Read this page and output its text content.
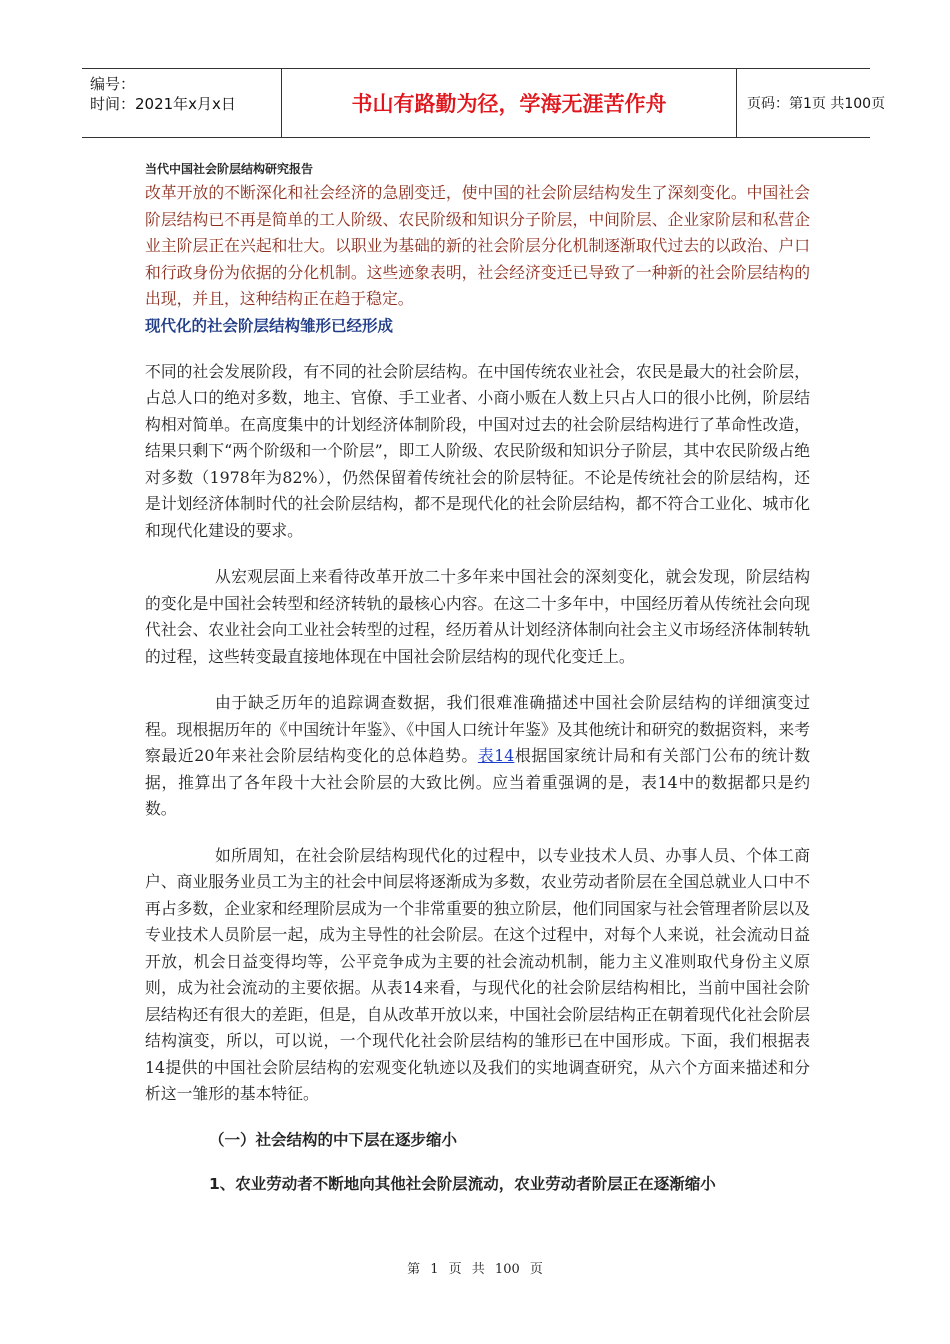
编号：
时间：2021年x月x日	书山有路勤为径，学海无涯苦作舟	页码：第1页 共100页
当代中国社会阶层结构研究报告

改革开放的不断深化和社会经济的急剧变迁，使中国的社会阶层结构发生了深刻变化。中国社会阶层结构已不再是简单的工人阶级、农民阶级和知识分子阶层，中间阶层、企业家阶层和私营企业主阶层正在兴起和壮大。以职业为基础的新的社会阶层分化机制逐渐取代过去的以政治、户口和行政身份为依据的分化机制。这些迹象表明，社会经济变迁已导致了一种新的社会阶层结构的出现，并且，这种结构正在趋于稳定。

现代化的社会阶层结构雏形已经形成

不同的社会发展阶段，有不同的社会阶层结构。在中国传统农业社会，农民是最大的社会阶层，占总人口的绝对多数，地主、官僚、手工业者、小商小贩在人数上只占人口的很小比例，阶层结构相对简单。在高度集中的计划经济体制阶段，中国对过去的社会阶层结构进行了革命性改造，结果只剩下“两个阶级和一个阶层”，即工人阶级、农民阶级和知识分子阶层，其中农民阶级占绝对多数（1978年为82%），仍然保留着传统社会的阶层特征。不论是传统社会的阶层结构，还是计划经济体制时代的社会阶层结构，都不是现代化的社会阶层结构，都不符合工业化、城市化和现代化建设的要求。

从宏观层面上来看待改革开放二十多年来中国社会的深刻变化，就会发现，阶层结构的变化是中国社会转型和经济转轨的最核心内容。在这二十多年中，中国经历着从传统社会向现代社会、农业社会向工业社会转型的过程，经历着从计划经济体制向社会主义市场经济体制转轨的过程，这些转变最直接地体现在中国社会阶层结构的现代化变迁上。

由于缺乏历年的追踪调查数据，我们很难准确描述中国社会阶层结构的详细演变过程。现根据历年的《中国统计年鉴》、《中国人口统计年鉴》及其他统计和研究的数据资料，来考察最近20年来社会阶层结构变化的总体趋势。表14根据国家统计局和有关部门公布的统计数据，推算出了各年段十大社会阶层的大致比例。应当着重强调的是，表14中的数据都只是约数。

如所周知，在社会阶层结构现代化的过程中，以专业技术人员、办事人员、个体工商户、商业服务业员工为主的社会中间层将逐渐成为多数，农业劳动者阶层在全国总就业人口中不再占多数，企业家和经理阶层成为一个非常重要的独立阶层，他们同国家与社会管理者阶层以及专业技术人员阶层一起，成为主导性的社会阶层。在这个过程中，对每个人来说，社会流动日益开放，机会日益变得均等，公平竞争成为主要的社会流动机制，能力主义准则取代身份主义原则，成为社会流动的主要依据。从表14来看，与现代化的社会阶层结构相比，当前中国社会阶层结构还有很大的差距，但是，自从改革开放以来，中国社会阶层结构正在朝着现代化社会阶层结构演变，所以，可以说，一个现代化社会阶层结构的雏形已在中国形成。下面，我们根据表14提供的中国社会阶层结构的宏观变化轨迹以及我们的实地调查研究，从六个方面来描述和分析这一雏形的基本特征。

（一）社会结构的中下层在逐步缩小
1、农业劳动者不断地向其他社会阶层流动，农业劳动者阶层正在逐渐缩小
第 1 页 共 100 页
